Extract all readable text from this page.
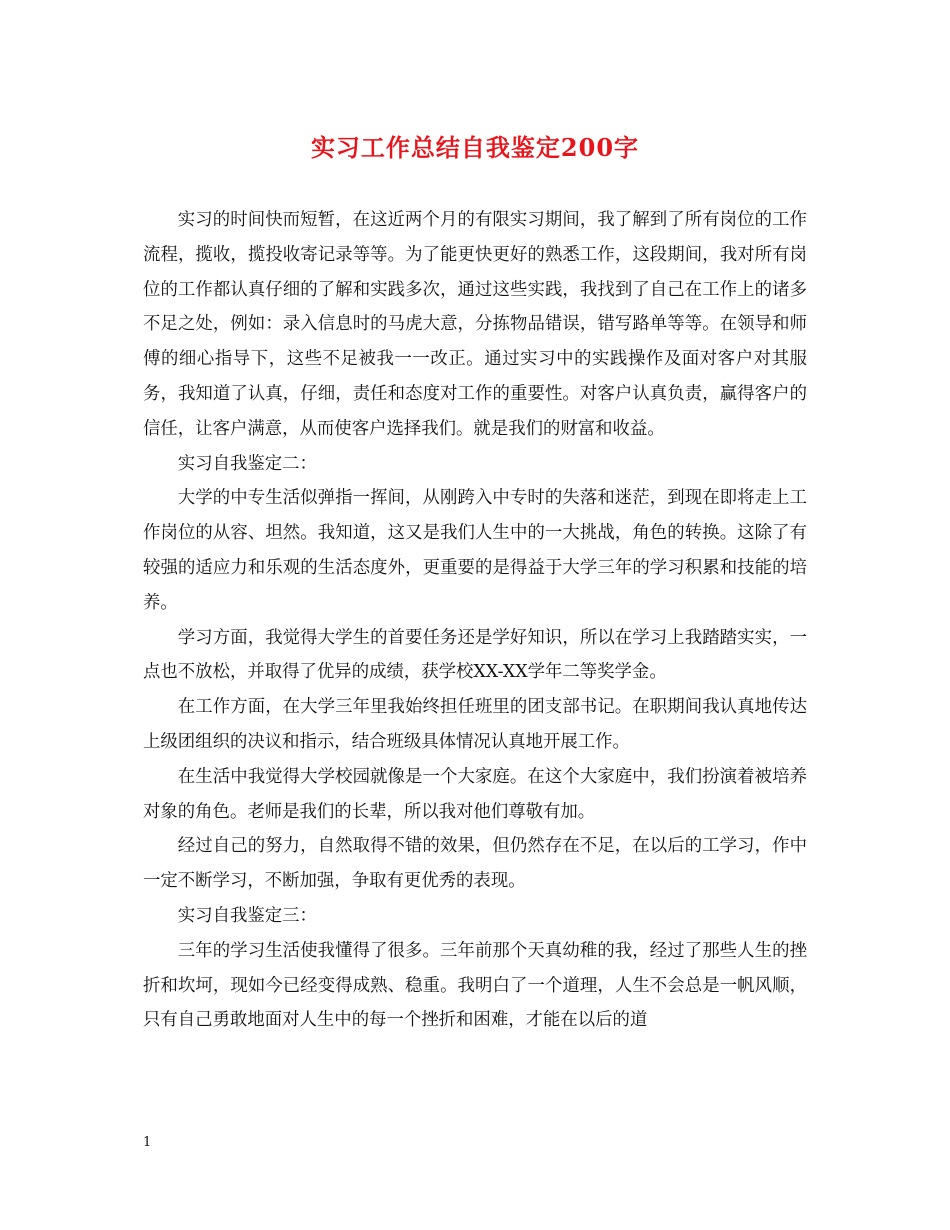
实习工作总结自我鉴定200字

实习的时间快而短暂，在这近两个月的有限实习期间，我了解到了所有岗位的工作流程，揽收，揽投收寄记录等等。为了能更快更好的熟悉工作，这段期间，我对所有岗位的工作都认真仔细的了解和实践多次，通过这些实践，我找到了自己在工作上的诸多不足之处，例如：录入信息时的马虎大意，分拣物品错误，错写路单等等。在领导和师傅的细心指导下，这些不足被我一一改正。通过实习中的实践操作及面对客户对其服务，我知道了认真，仔细，责任和态度对工作的重要性。对客户认真负责，赢得客户的信任，让客户满意，从而使客户选择我们。就是我们的财富和收益。

实习自我鉴定二：

大学的中专生活似弹指一挥间，从刚跨入中专时的失落和迷茫，到现在即将走上工作岗位的从容、坦然。我知道，这又是我们人生中的一大挑战，角色的转换。这除了有较强的适应力和乐观的生活态度外，更重要的是得益于大学三年的学习积累和技能的培养。

学习方面，我觉得大学生的首要任务还是学好知识，所以在学习上我踏踏实实，一点也不放松，并取得了优异的成绩，获学校XX-XX学年二等奖学金。

在工作方面，在大学三年里我始终担任班里的团支部书记。在职期间我认真地传达上级团组织的决议和指示，结合班级具体情况认真地开展工作。

在生活中我觉得大学校园就像是一个大家庭。在这个大家庭中，我们扮演着被培养对象的角色。老师是我们的长辈，所以我对他们尊敬有加。

经过自己的努力，自然取得不错的效果，但仍然存在不足，在以后的工学习，作中一定不断学习，不断加强，争取有更优秀的表现。

实习自我鉴定三：

三年的学习生活使我懂得了很多。三年前那个天真幼稚的我，经过了那些人生的挫折和坎坷，现如今已经变得成熟、稳重。我明白了一个道理，人生不会总是一帆风顺，只有自己勇敢地面对人生中的每一个挫折和困难，才能在以后的道

1
